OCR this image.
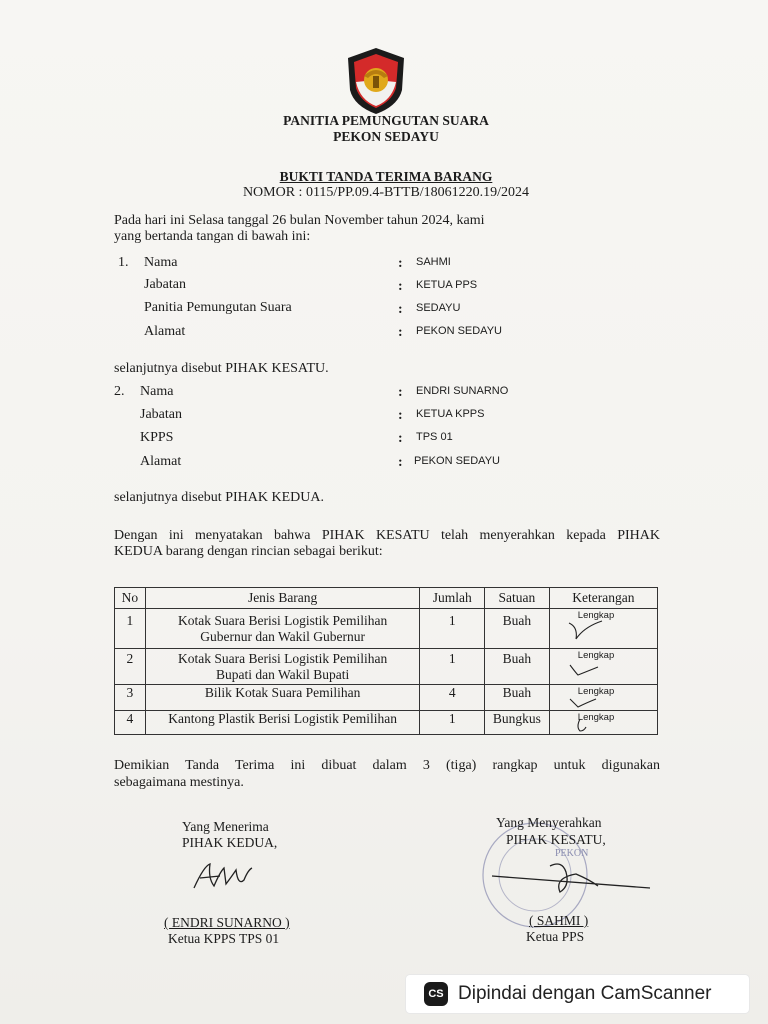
PANITIA PEMUNGUTAN SUARA
PEKON SEDAYU
BUKTI TANDA TERIMA BARANG
NOMOR : 0115/PP.09.4-BTTB/18061220.19/2024
Pada hari ini Selasa tanggal 26 bulan November tahun 2024, kami
yang bertanda tangan di bawah ini:
1. Nama	: SAHMI
Jabatan	: KETUA PPS
Panitia Pemungutan Suara	: SEDAYU
Alamat	: PEKON SEDAYU
selanjutnya disebut PIHAK KESATU.
2. Nama	: ENDRI SUNARNO
Jabatan	: KETUA KPPS
KPPS	: TPS 01
Alamat	: PEKON SEDAYU
selanjutnya disebut PIHAK KEDUA.
Dengan ini menyatakan bahwa PIHAK KESATU telah menyerahkan kepada PIHAK
KEDUA barang dengan rincian sebagai berikut:
No	Jenis Barang	Jumlah	Satuan	Keterangan
1	Kotak Suara Berisi Logistik Pemilihan
Gubernur dan Wakil Gubernur	1	Buah	Lengkap

2	Kotak Suara Berisi Logistik Pemilihan
Bupati dan Wakil Bupati	1	Buah	Lengkap

3	Bilik Kotak Suara Pemilihan	4	Buah	Lengkap

4	Kantong Plastik Berisi Logistik Pemilihan	1	Bungkus	Lengkap
Demikian Tanda Terima ini dibuat dalam 3 (tiga) rangkap untuk digunakan
sebagaimana mestinya.
Yang Menerima
PIHAK KEDUA,
( ENDRI SUNARNO )
Ketua KPPS TPS 01
PEKON
Yang Menyerahkan
PIHAK KESATU,
( SAHMI )
Ketua PPS
CS Dipindai dengan CamScanner
